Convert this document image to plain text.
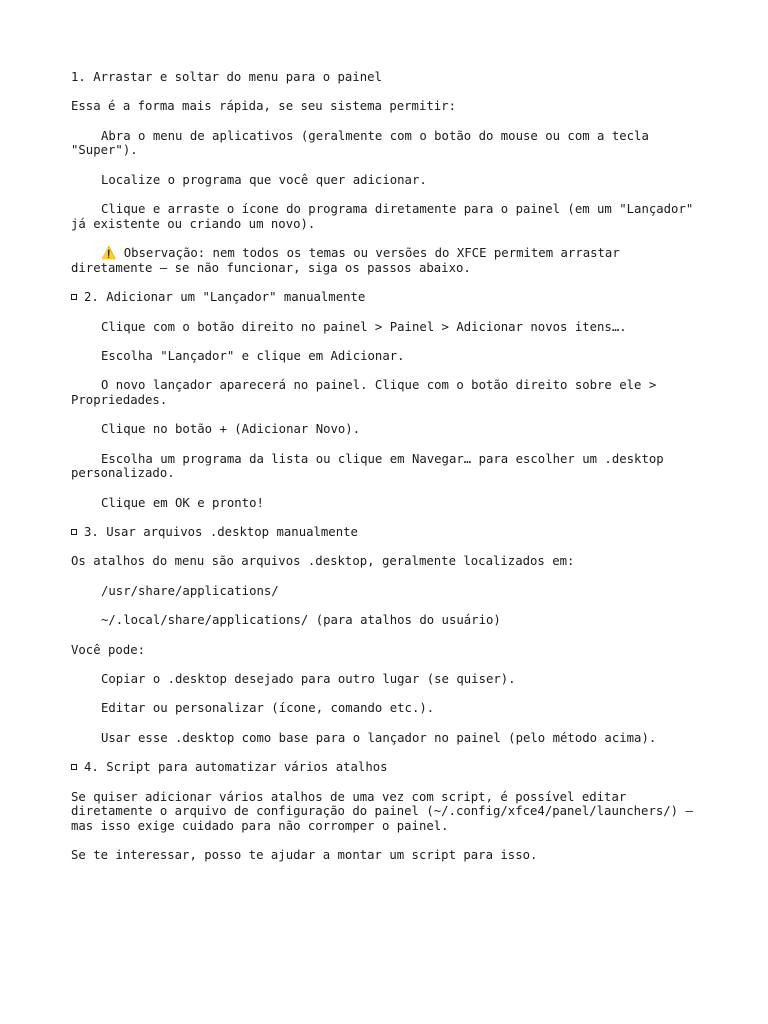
1. Arrastar e soltar do menu para o painel

Essa é a forma mais rápida, se seu sistema permitir:

Abra o menu de aplicativos (geralmente com o botão do mouse ou com a tecla "Super").

Localize o programa que você quer adicionar.

Clique e arraste o ícone do programa diretamente para o painel (em um "Lançador" já existente ou criando um novo).

⚠️ Observação: nem todos os temas ou versões do XFCE permitem arrastar diretamente — se não funcionar, siga os passos abaixo.

2. Adicionar um "Lançador" manualmente

Clique com o botão direito no painel > Painel > Adicionar novos itens….

Escolha "Lançador" e clique em Adicionar.

O novo lançador aparecerá no painel. Clique com o botão direito sobre ele > Propriedades.

Clique no botão + (Adicionar Novo).

Escolha um programa da lista ou clique em Navegar… para escolher um .desktop personalizado.

Clique em OK e pronto!

3. Usar arquivos .desktop manualmente

Os atalhos do menu são arquivos .desktop, geralmente localizados em:

/usr/share/applications/

~/.local/share/applications/ (para atalhos do usuário)

Você pode:

Copiar o .desktop desejado para outro lugar (se quiser).

Editar ou personalizar (ícone, comando etc.).

Usar esse .desktop como base para o lançador no painel (pelo método acima).

4. Script para automatizar vários atalhos

Se quiser adicionar vários atalhos de uma vez com script, é possível editar diretamente o arquivo de configuração do painel (~/.config/xfce4/panel/launchers/) — mas isso exige cuidado para não corromper o painel.

Se te interessar, posso te ajudar a montar um script para isso.
